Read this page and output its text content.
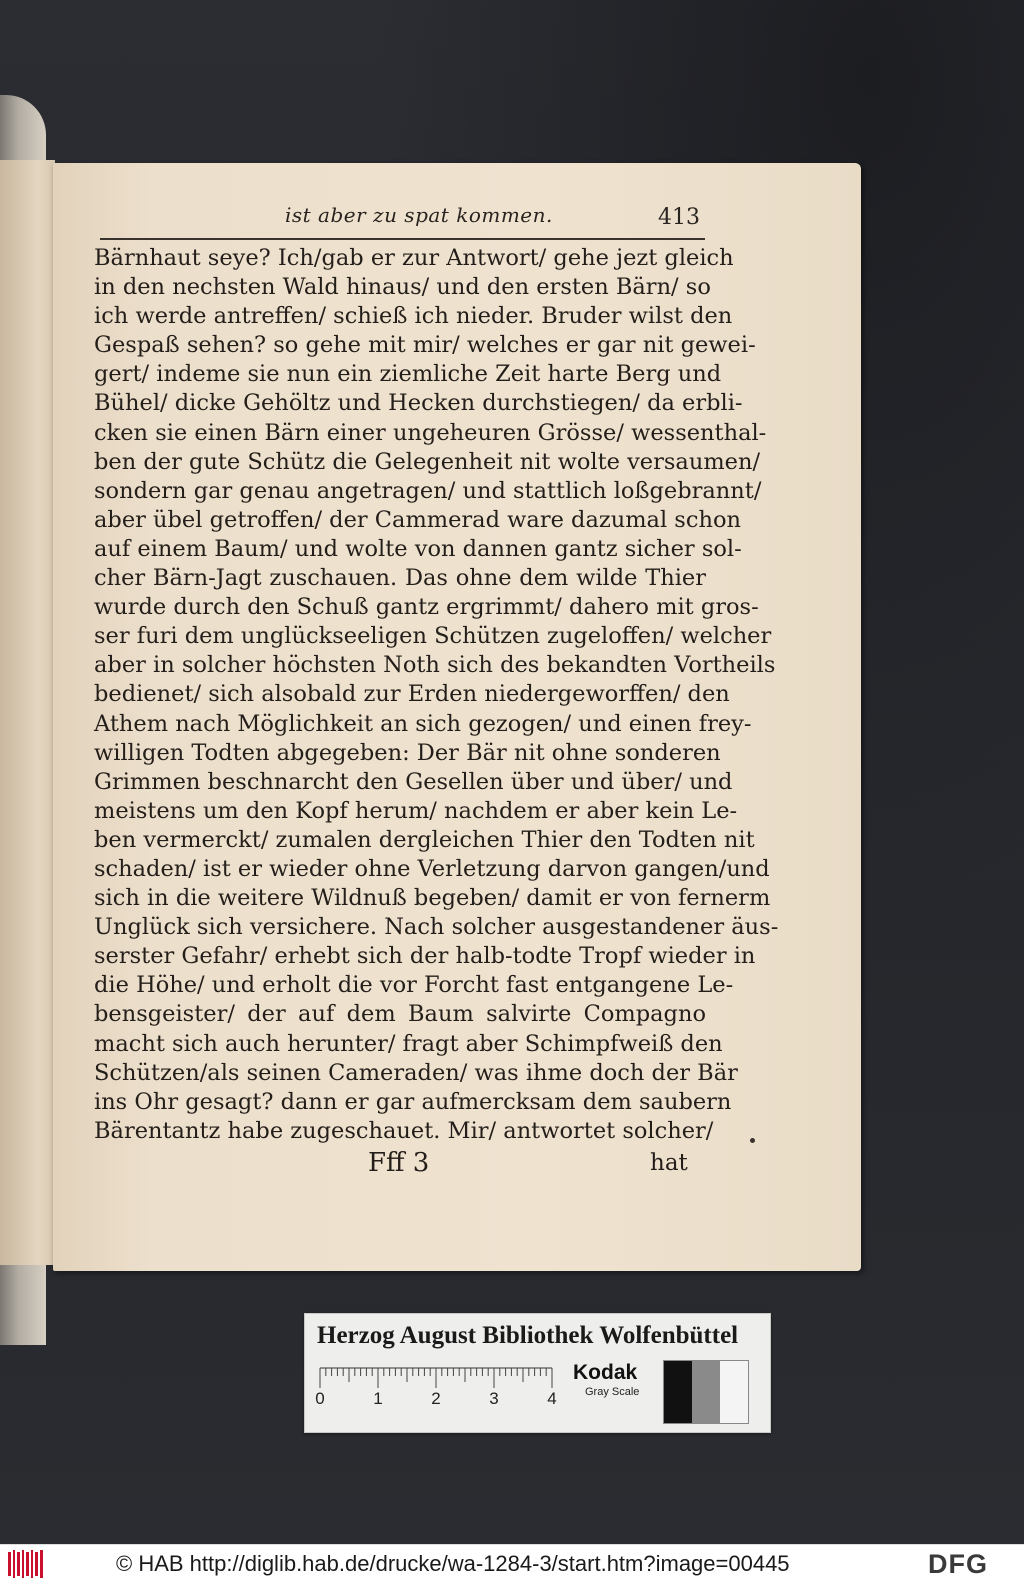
ist aber zu spat kommen.	413
Bärnhaut seye? Ich/gab er zur Antwort/ gehe jezt gleich
in den nechsten Wald hinaus/ und den ersten Bärn/ so
ich werde antreffen/ schieß ich nieder. Bruder wilst den
Gespaß sehen? so gehe mit mir/ welches er gar nit gewei-
gert/ indeme sie nun ein ziemliche Zeit harte Berg und
Bühel/ dicke Gehöltz und Hecken durchstiegen/ da erbli-
cken sie einen Bärn einer ungeheuren Grösse/ wessenthal-
ben der gute Schütz die Gelegenheit nit wolte versaumen/
sondern gar genau angetragen/ und stattlich loßgebrannt/
aber übel getroffen/ der Cammerad ware dazumal schon
auf einem Baum/ und wolte von dannen gantz sicher sol-
cher Bärn-Jagt zuschauen. Das ohne dem wilde Thier
wurde durch den Schuß gantz ergrimmt/ dahero mit gros-
ser furi dem unglückseeligen Schützen zugeloffen/ welcher
aber in solcher höchsten Noth sich des bekandten Vortheils
bedienet/ sich alsobald zur Erden niedergeworffen/ den
Athem nach Möglichkeit an sich gezogen/ und einen frey-
willigen Todten abgegeben: Der Bär nit ohne sonderen
Grimmen beschnarcht den Gesellen über und über/ und
meistens um den Kopf herum/ nachdem er aber kein Le-
ben vermerckt/ zumalen dergleichen Thier den Todten nit
schaden/ ist er wieder ohne Verletzung darvon gangen/und
sich in die weitere Wildnuß begeben/ damit er von fernerm
Unglück sich versichere. Nach solcher ausgestandener äus-
serster Gefahr/ erhebt sich der halb-todte Tropf wieder in
die Höhe/ und erholt die vor Forcht fast entgangene Le-
bensgeister/ der auf dem Baum salvirte Compagno
macht sich auch herunter/ fragt aber Schimpfweiß den
Schützen/als seinen Cameraden/ was ihme doch der Bär
ins Ohr gesagt? dann er gar aufmercksam dem saubern
Bärentantz habe zugeschauet. Mir/ antwortet solcher/
Fff 3	hat
Herzog August Bibliothek Wolfenbüttel
0	1	2	3	4
Kodak
Gray Scale
© HAB http://diglib.hab.de/drucke/wa-1284-3/start.htm?image=00445	DFG
